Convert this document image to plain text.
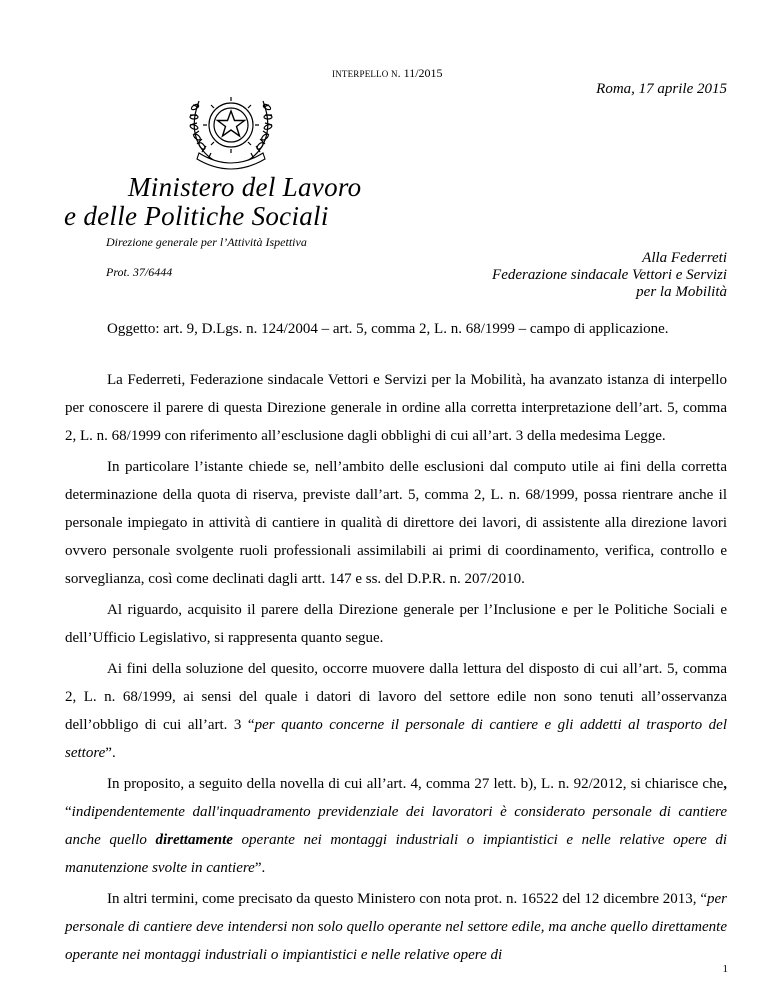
INTERPELLO N. 11/2015
Roma, 17 aprile 2015
Ministero del Lavoro
e delle Politiche Sociali
Direzione generale per l’Attività Ispettiva
Prot. 37/6444
Alla Federreti
Federazione sindacale Vettori e Servizi
per la Mobilità
Oggetto: art. 9, D.Lgs. n. 124/2004 – art. 5, comma 2, L. n. 68/1999 – campo di applicazione.

La Federreti, Federazione sindacale Vettori e Servizi per la Mobilità, ha avanzato istanza di interpello per conoscere il parere di questa Direzione generale in ordine alla corretta interpretazione dell’art. 5, comma 2, L. n. 68/1999 con riferimento all’esclusione dagli obblighi di cui all’art. 3 della medesima Legge.

In particolare l’istante chiede se, nell’ambito delle esclusioni dal computo utile ai fini della corretta determinazione della quota di riserva, previste dall’art. 5, comma 2, L. n. 68/1999, possa rientrare anche il personale impiegato in attività di cantiere in qualità di direttore dei lavori, di assistente alla direzione lavori ovvero personale svolgente ruoli professionali assimilabili ai primi di coordinamento, verifica, controllo e sorveglianza, così come declinati dagli artt. 147 e ss. del D.P.R. n. 207/2010.

Al riguardo, acquisito il parere della Direzione generale per l’Inclusione e per le Politiche Sociali e dell’Ufficio Legislativo, si rappresenta quanto segue.

Ai fini della soluzione del quesito, occorre muovere dalla lettura del disposto di cui all’art. 5, comma 2, L. n. 68/1999, ai sensi del quale i datori di lavoro del settore edile non sono tenuti all’osservanza dell’obbligo di cui all’art. 3 “per quanto concerne il personale di cantiere e gli addetti al trasporto del settore”.

In proposito, a seguito della novella di cui all’art. 4, comma 27 lett. b), L. n. 92/2012, si chiarisce che, “indipendentemente dall'inquadramento previdenziale dei lavoratori è considerato personale di cantiere anche quello direttamente operante nei montaggi industriali o impiantistici e nelle relative opere di manutenzione svolte in cantiere”.

In altri termini, come precisato da questo Ministero con nota prot. n. 16522 del 12 dicembre 2013, “per personale di cantiere deve intendersi non solo quello operante nel settore edile, ma anche quello direttamente operante nei montaggi industriali o impiantistici e nelle relative opere di

1
